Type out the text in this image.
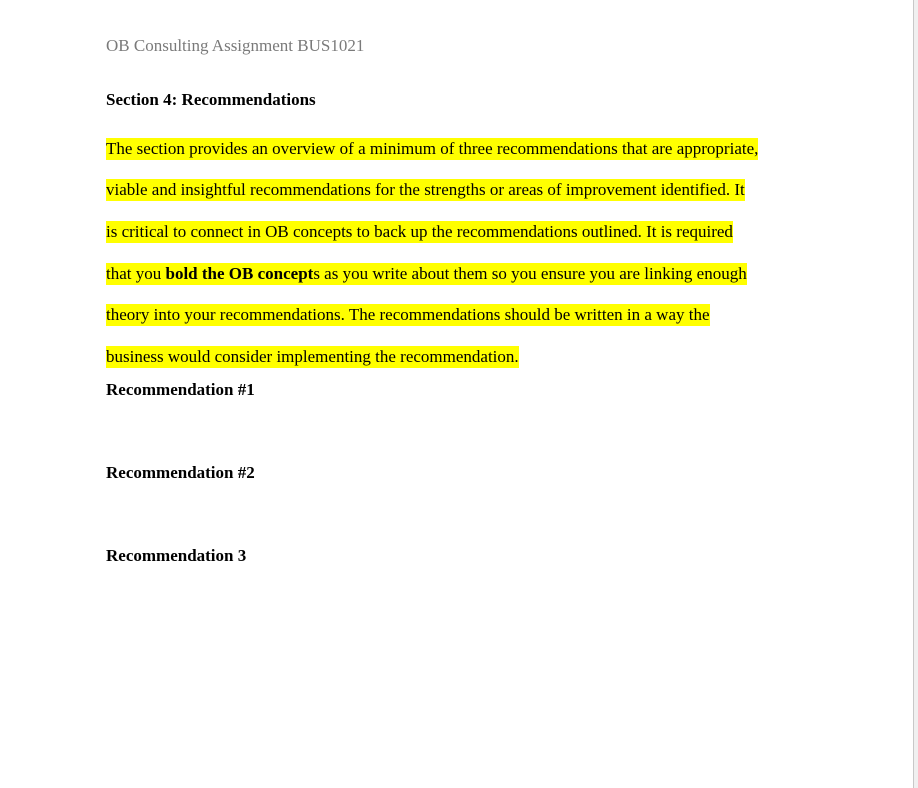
OB Consulting Assignment BUS1021
Section 4: Recommendations
The section provides an overview of a minimum of three recommendations that are appropriate,
viable and insightful recommendations for the strengths or areas of improvement identified. It
is critical to connect in OB concepts to back up the recommendations outlined. It is required
that you bold the OB concepts as you write about them so you ensure you are linking enough
theory into your recommendations. The recommendations should be written in a way the
business would consider implementing the recommendation.
Recommendation #1
Recommendation #2
Recommendation 3
